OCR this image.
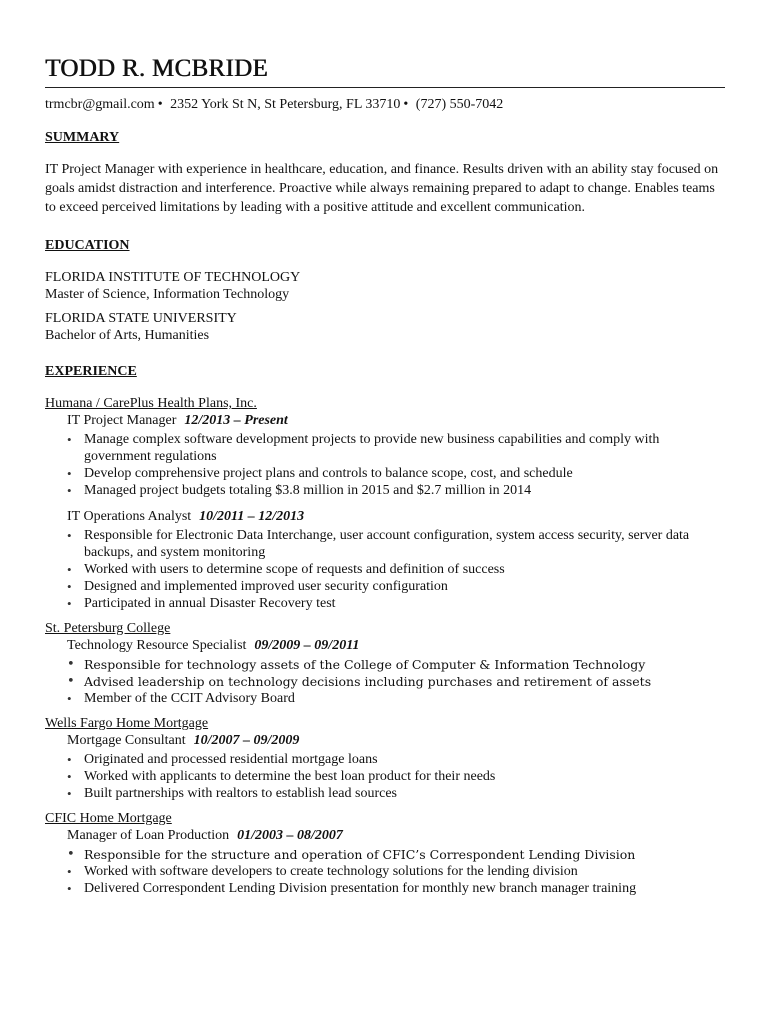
TODD R. MCBRIDE
trmcbr@gmail.com • 2352 York St N, St Petersburg, FL 33710 • (727) 550-7042
SUMMARY

IT Project Manager with experience in healthcare, education, and finance. Results driven with an ability stay focused on goals amidst distraction and interference. Proactive while always remaining prepared to adapt to change. Enables teams to exceed perceived limitations by leading with a positive attitude and excellent communication.

EDUCATION
FLORIDA INSTITUTE OF TECHNOLOGY
Master of Science, Information Technology
FLORIDA STATE UNIVERSITY
Bachelor of Arts, Humanities
EXPERIENCE
Humana / CarePlus Health Plans, Inc.
IT Project Manager 12/2013 – Present
• Manage complex software development projects to provide new business capabilities and comply with government regulations
• Develop comprehensive project plans and controls to balance scope, cost, and schedule
• Managed project budgets totaling $3.8 million in 2015 and $2.7 million in 2014
IT Operations Analyst 10/2011 – 12/2013
• Responsible for Electronic Data Interchange, user account configuration, system access security, server data backups, and system monitoring
• Worked with users to determine scope of requests and definition of success
• Designed and implemented improved user security configuration
• Participated in annual Disaster Recovery test
St. Petersburg College
Technology Resource Specialist 09/2009 – 09/2011
• Responsible for technology assets of the College of Computer & Information Technology
• Advised leadership on technology decisions including purchases and retirement of assets
• Member of the CCIT Advisory Board
Wells Fargo Home Mortgage
Mortgage Consultant 10/2007 – 09/2009
• Originated and processed residential mortgage loans
• Worked with applicants to determine the best loan product for their needs
• Built partnerships with realtors to establish lead sources
CFIC Home Mortgage
Manager of Loan Production 01/2003 – 08/2007
• Responsible for the structure and operation of CFIC’s Correspondent Lending Division
• Worked with software developers to create technology solutions for the lending division
• Delivered Correspondent Lending Division presentation for monthly new branch manager training
